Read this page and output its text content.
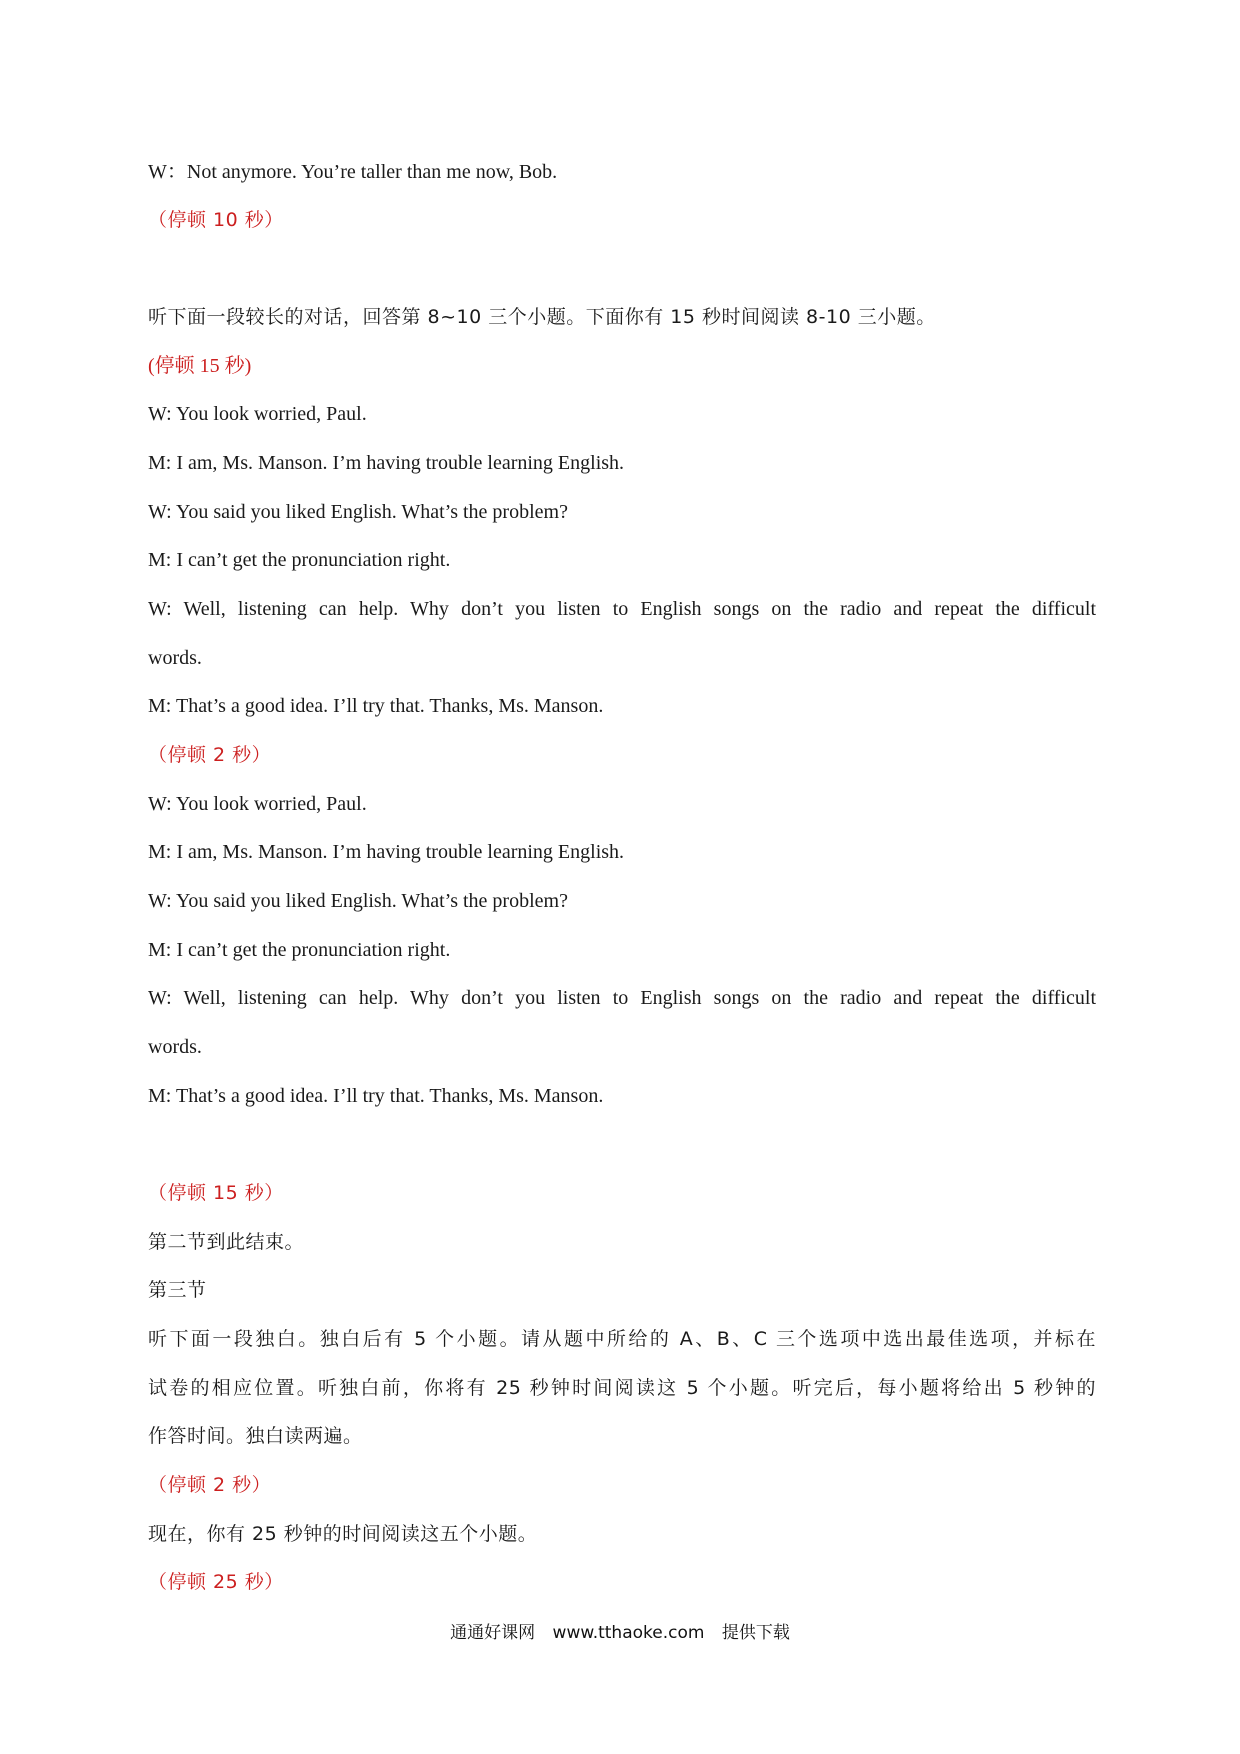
W：Not anymore. You’re taller than me now, Bob.
（停顿 10 秒）
听下面一段较长的对话，回答第 8~10 三个小题。下面你有 15 秒时间阅读 8-10 三小题。
(停顿 15 秒)
W: You look worried, Paul.
M: I am, Ms. Manson. I’m having trouble learning English.
W: You said you liked English. What’s the problem?
M: I can’t get the pronunciation right.
W: Well, listening can help. Why don’t you listen to English songs on the radio and repeat the difficult
words.
M: That’s a good idea. I’ll try that. Thanks, Ms. Manson.
（停顿 2 秒）
W: You look worried, Paul.
M: I am, Ms. Manson. I’m having trouble learning English.
W: You said you liked English. What’s the problem?
M: I can’t get the pronunciation right.
W: Well, listening can help. Why don’t you listen to English songs on the radio and repeat the difficult
words.
M: That’s a good idea. I’ll try that. Thanks, Ms. Manson.
（停顿 15 秒）
第二节到此结束。
第三节
听下面一段独白。独白后有 5 个小题。请从题中所给的 A、B、C 三个选项中选出最佳选项，并标在
试卷的相应位置。听独白前，你将有 25 秒钟时间阅读这 5 个小题。听完后，每小题将给出 5 秒钟的
作答时间。独白读两遍。
（停顿 2 秒）
现在，你有 25 秒钟的时间阅读这五个小题。
（停顿 25 秒）
通通好课网 www.tthaoke.com 提供下载
